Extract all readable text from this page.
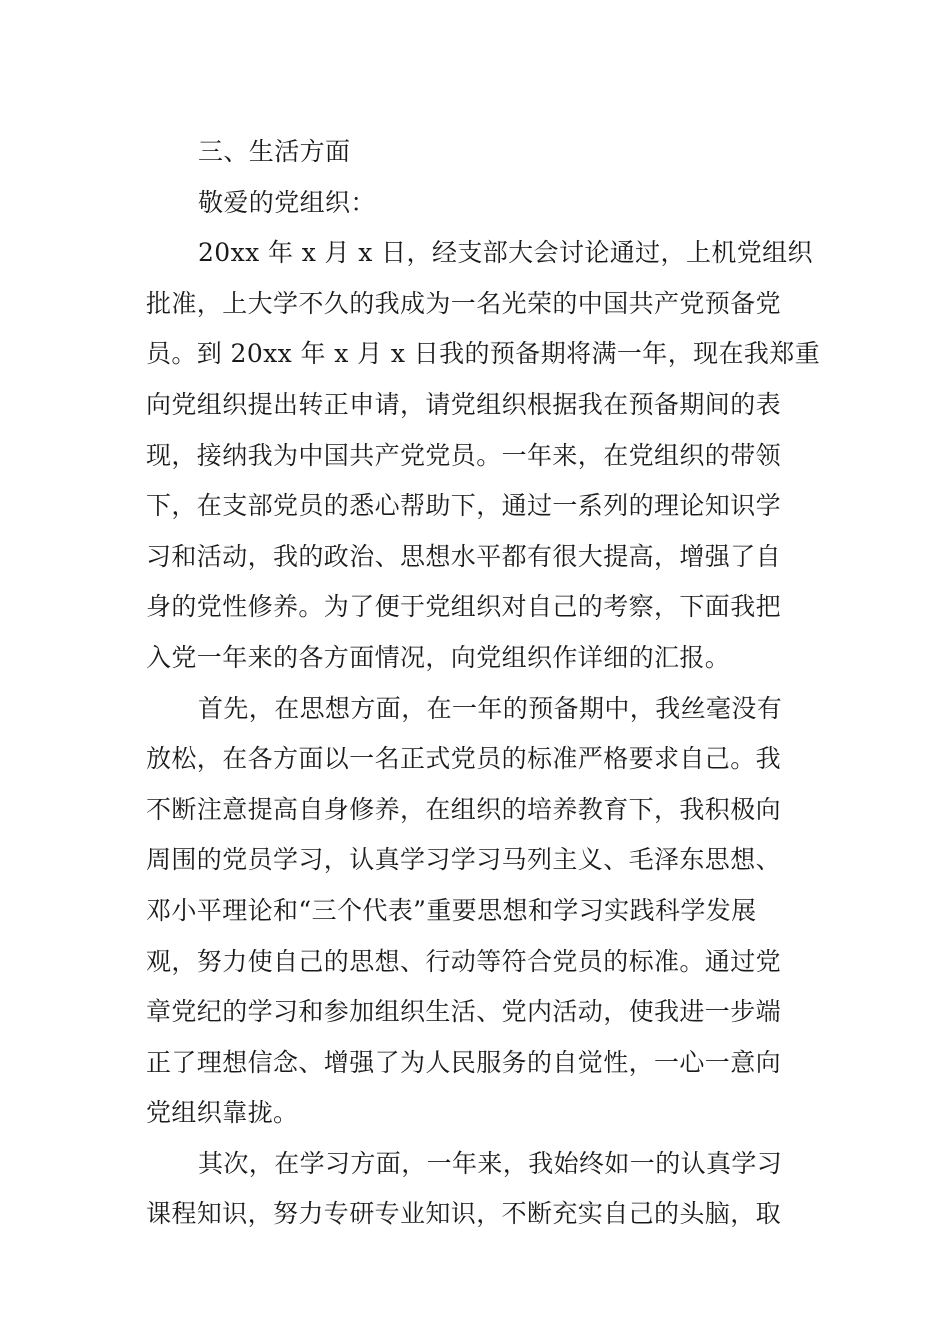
三、生活方面
敬爱的党组织：
20xx 年 x 月 x 日，经支部大会讨论通过，上机党组织
批准，上大学不久的我成为一名光荣的中国共产党预备党
员。到 20xx 年 x 月 x 日我的预备期将满一年，现在我郑重
向党组织提出转正申请，请党组织根据我在预备期间的表
现，接纳我为中国共产党党员。一年来，在党组织的带领
下，在支部党员的悉心帮助下，通过一系列的理论知识学
习和活动，我的政治、思想水平都有很大提高，增强了自
身的党性修养。为了便于党组织对自己的考察，下面我把
入党一年来的各方面情况，向党组织作详细的汇报。
首先，在思想方面，在一年的预备期中，我丝毫没有
放松，在各方面以一名正式党员的标准严格要求自己。我
不断注意提高自身修养，在组织的培养教育下，我积极向
周围的党员学习，认真学习学习马列主义、毛泽东思想、
邓小平理论和“三个代表”重要思想和学习实践科学发展
观，努力使自己的思想、行动等符合党员的标准。通过党
章党纪的学习和参加组织生活、党内活动，使我进一步端
正了理想信念、增强了为人民服务的自觉性，一心一意向
党组织靠拢。
其次，在学习方面，一年来，我始终如一的认真学习
课程知识，努力专研专业知识，不断充实自己的头脑，取
